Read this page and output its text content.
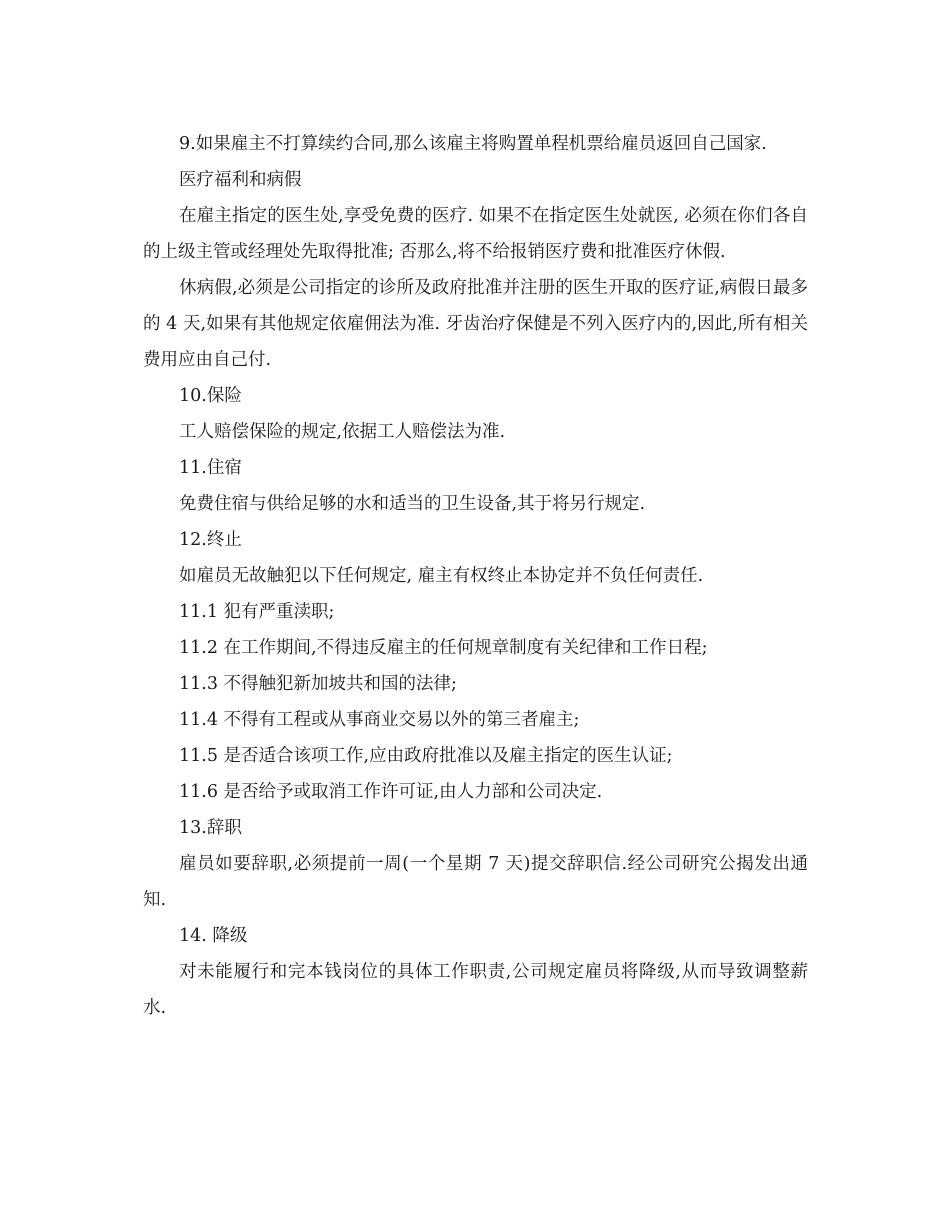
9.如果雇主不打算续约合同,那么该雇主将购置单程机票给雇员返回自己国家.

医疗福利和病假

在雇主指定的医生处,享受免费的医疗. 如果不在指定医生处就医, 必须在你们各自的上级主管或经理处先取得批准; 否那么,将不给报销医疗费和批准医疗休假.

休病假,必须是公司指定的诊所及政府批准并注册的医生开取的医疗证,病假日最多的 4 天,如果有其他规定依雇佣法为准. 牙齿治疗保健是不列入医疗内的,因此,所有相关费用应由自己付.

10.保险

工人赔偿保险的规定,依据工人赔偿法为准.

11.住宿

免费住宿与供给足够的水和适当的卫生设备,其于将另行规定.

12.终止

如雇员无故触犯以下任何规定, 雇主有权终止本协定并不负任何责任.

11.1 犯有严重渎职;

11.2 在工作期间,不得违反雇主的任何规章制度有关纪律和工作日程;

11.3 不得触犯新加坡共和国的法律;

11.4 不得有工程或从事商业交易以外的第三者雇主;

11.5 是否适合该项工作,应由政府批准以及雇主指定的医生认证;

11.6 是否给予或取消工作许可证,由人力部和公司决定.

13.辞职

雇员如要辞职,必须提前一周(一个星期 7 天)提交辞职信.经公司研究公揭发出通知.

14. 降级

对未能履行和完本钱岗位的具体工作职责,公司规定雇员将降级,从而导致调整薪水.
